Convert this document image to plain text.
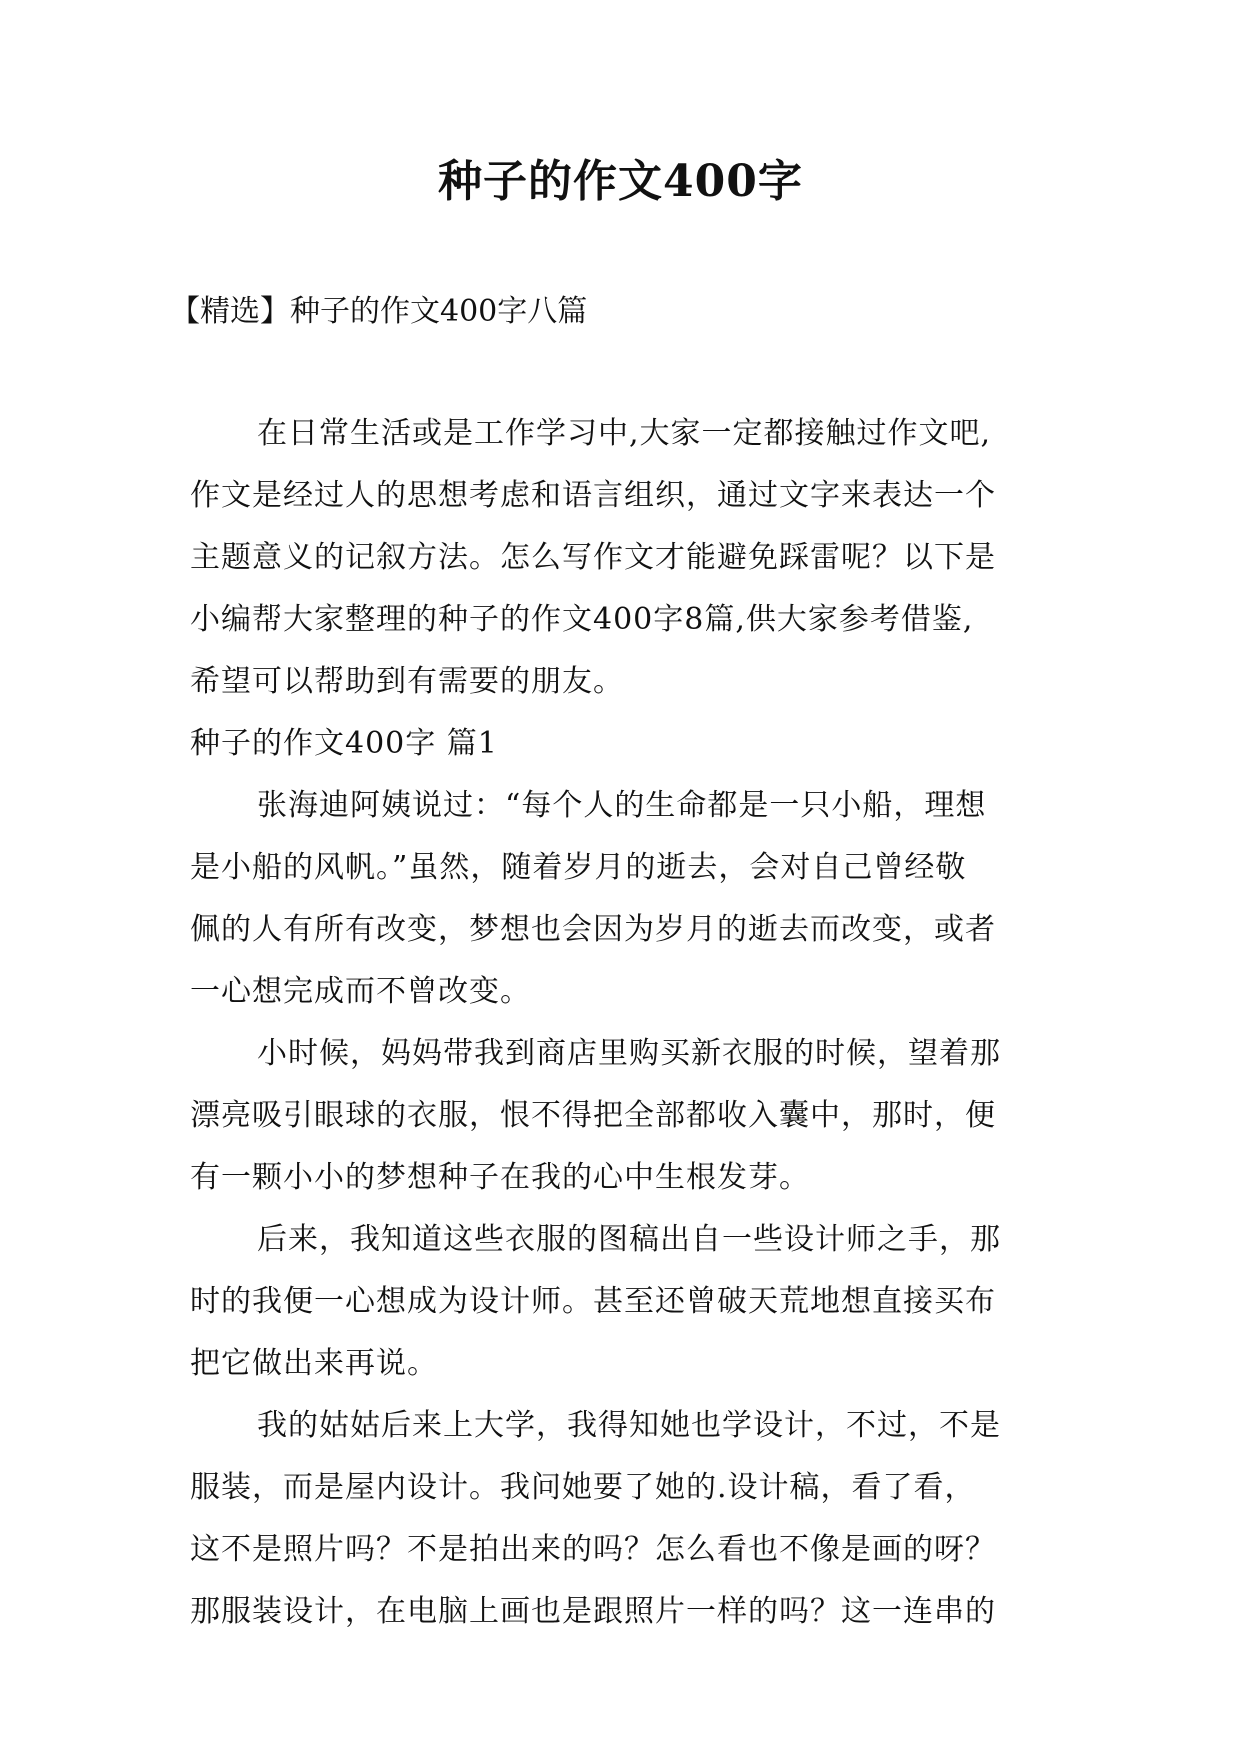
种子的作文400字
【精选】种子的作文400字八篇
在日常生活或是工作学习中,大家一定都接触过作文吧,
作文是经过人的思想考虑和语言组织，通过文字来表达一个
主题意义的记叙方法。怎么写作文才能避免踩雷呢？以下是
小编帮大家整理的种子的作文400字8篇,供大家参考借鉴,
希望可以帮助到有需要的朋友。
种子的作文400字 篇1
张海迪阿姨说过：“每个人的生命都是一只小船，理想
是小船的风帆。”虽然，随着岁月的逝去，会对自己曾经敬
佩的人有所有改变，梦想也会因为岁月的逝去而改变，或者
一心想完成而不曾改变。
小时候，妈妈带我到商店里购买新衣服的时候，望着那
漂亮吸引眼球的衣服，恨不得把全部都收入囊中，那时，便
有一颗小小的梦想种子在我的心中生根发芽。
后来，我知道这些衣服的图稿出自一些设计师之手，那
时的我便一心想成为设计师。甚至还曾破天荒地想直接买布
把它做出来再说。
我的姑姑后来上大学，我得知她也学设计，不过，不是
服装，而是屋内设计。我问她要了她的.设计稿，看了看，
这不是照片吗？不是拍出来的吗？怎么看也不像是画的呀？
那服装设计，在电脑上画也是跟照片一样的吗？这一连串的
